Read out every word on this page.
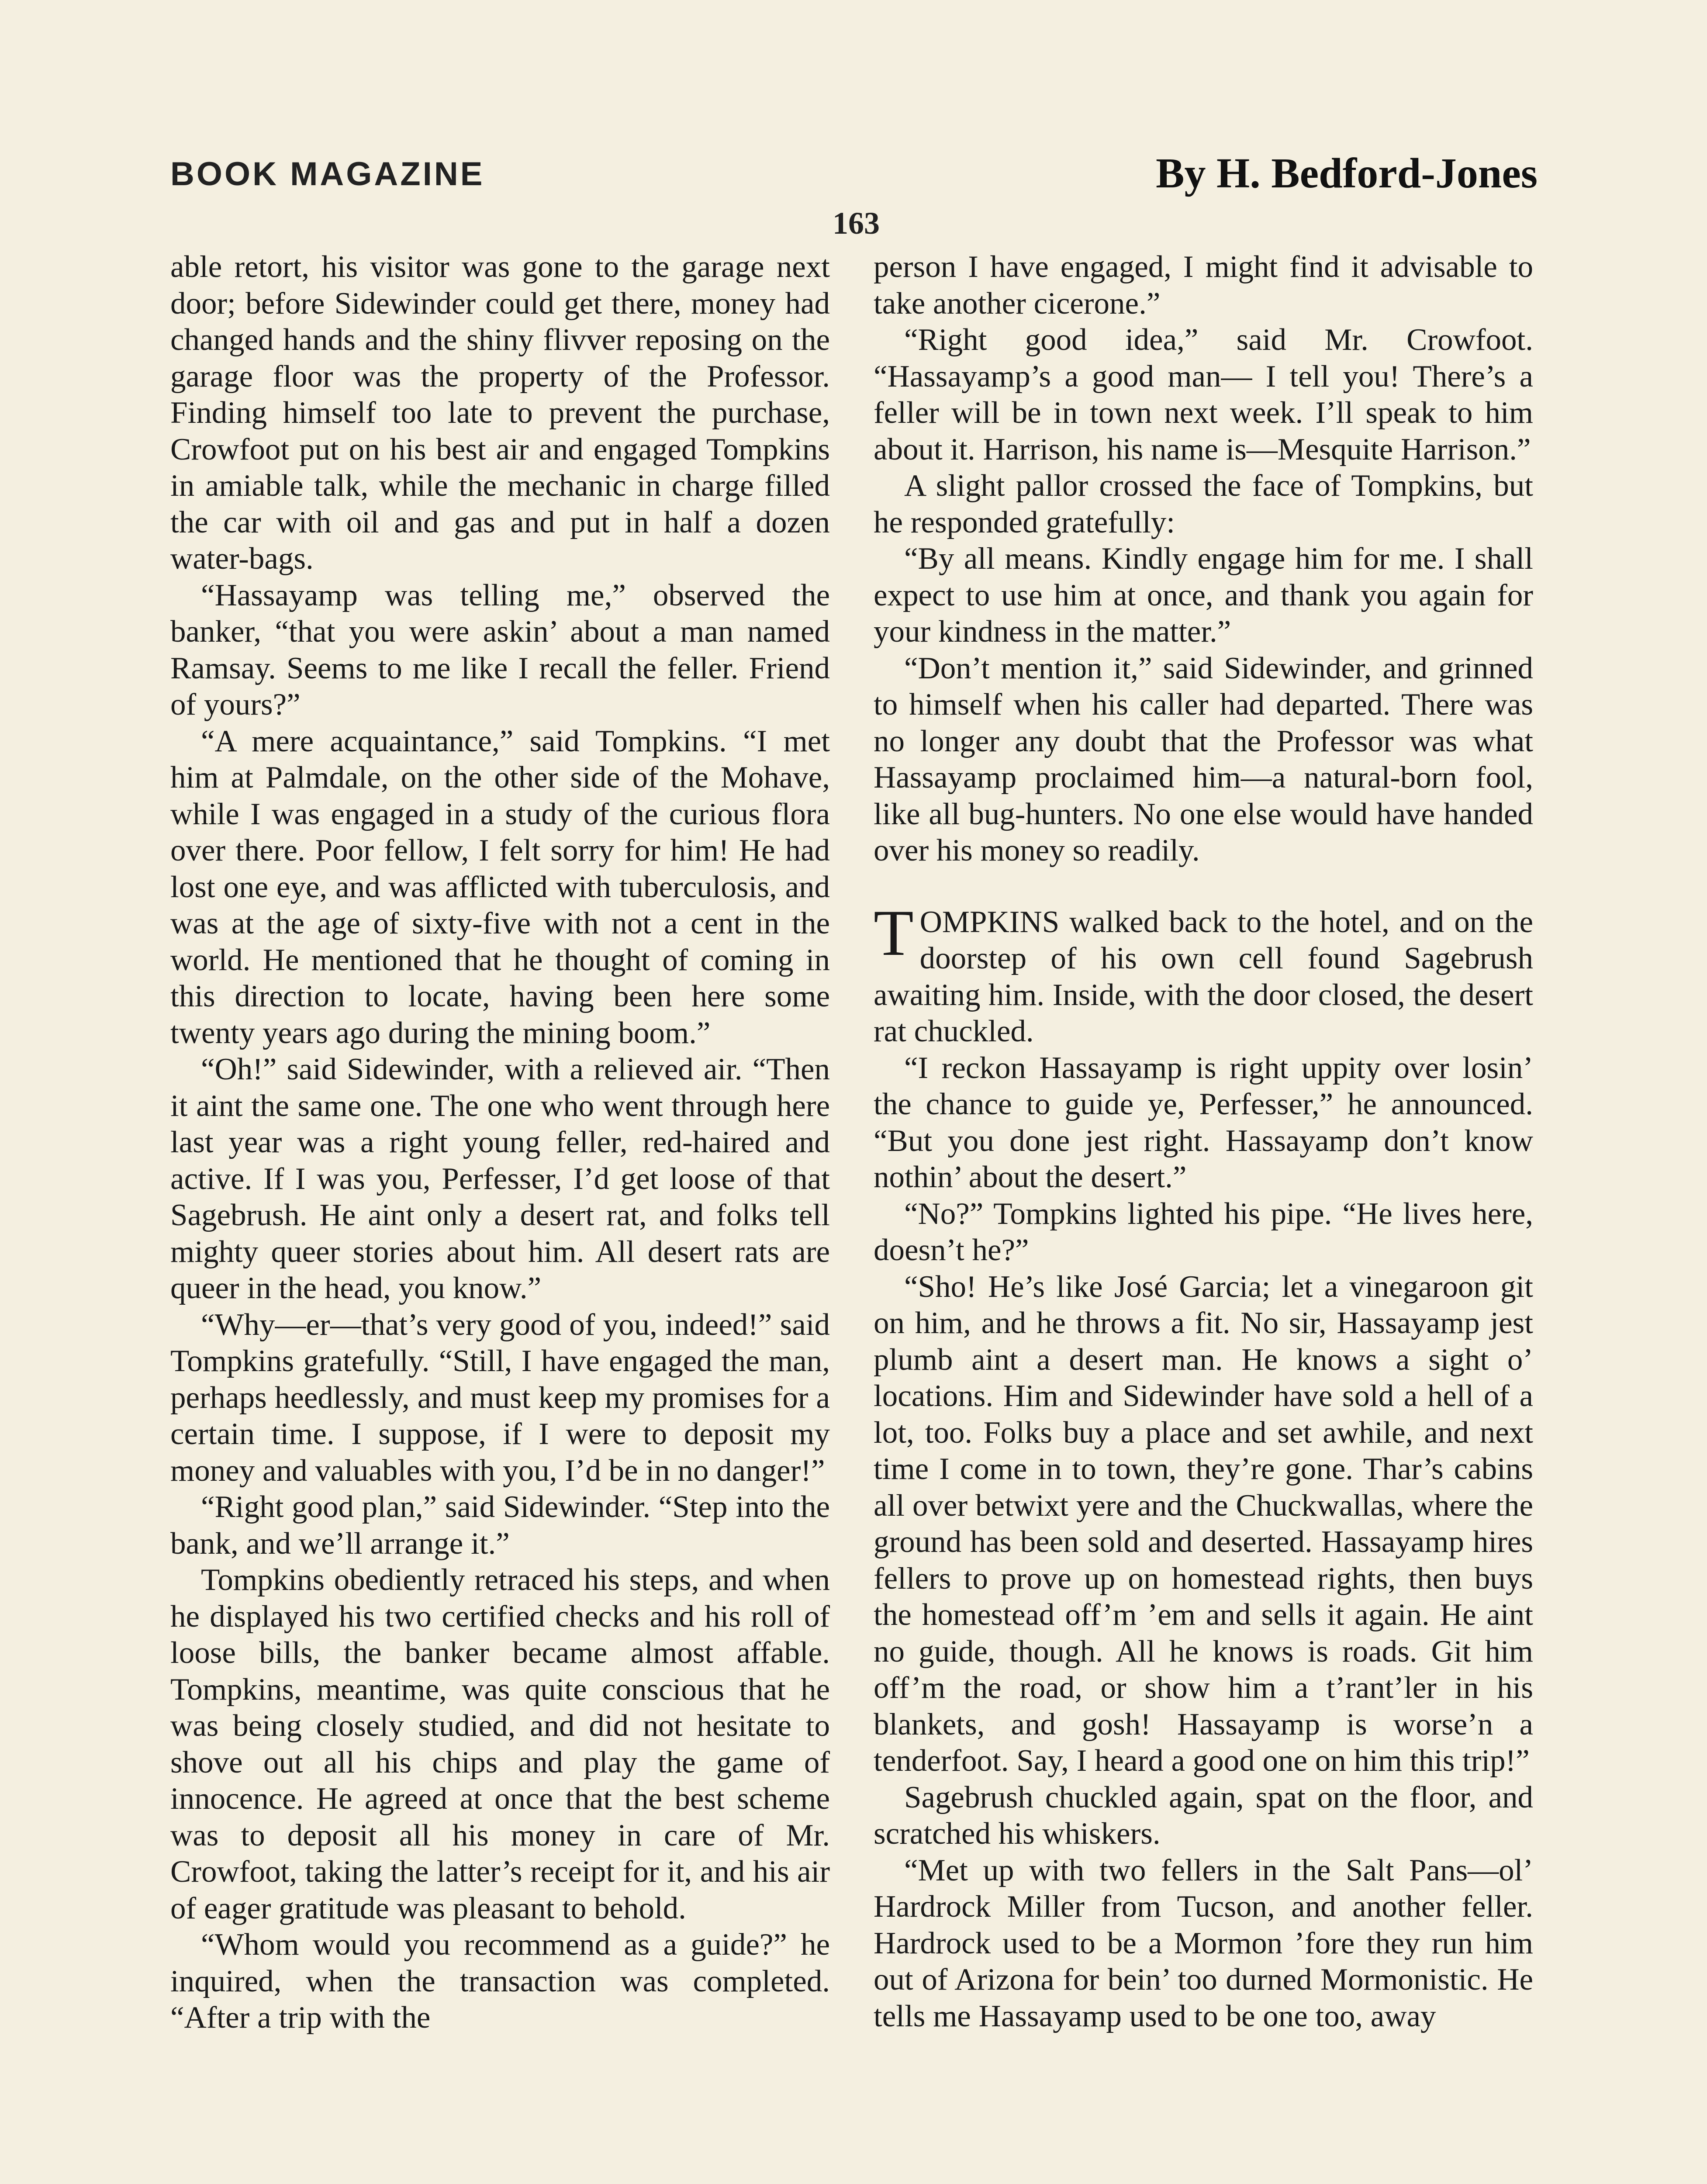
BOOK MAGAZINE	By H. Bedford-Jones
163

able retort, his visitor was gone to the garage next door; before Sidewinder could get there, money had changed hands and the shiny flivver reposing on the garage floor was the property of the Professor. Finding himself too late to prevent the purchase, Crowfoot put on his best air and engaged Tompkins in amiable talk, while the mechanic in charge filled the car with oil and gas and put in half a dozen water-bags.

“Hassayamp was telling me,” observed the banker, “that you were askin’ about a man named Ramsay. Seems to me like I recall the feller. Friend of yours?”

“A mere acquaintance,” said Tompkins. “I met him at Palmdale, on the other side of the Mohave, while I was engaged in a study of the curious flora over there. Poor fellow, I felt sorry for him! He had lost one eye, and was afflicted with tuberculosis, and was at the age of sixty-five with not a cent in the world. He mentioned that he thought of coming in this direction to locate, having been here some twenty years ago during the mining boom.”

“Oh!” said Sidewinder, with a relieved air. “Then it aint the same one. The one who went through here last year was a right young feller, red-haired and active. If I was you, Perfesser, I’d get loose of that Sagebrush. He aint only a desert rat, and folks tell mighty queer stories about him. All desert rats are queer in the head, you know.”

“Why—er—that’s very good of you, indeed!” said Tompkins gratefully. “Still, I have engaged the man, perhaps heedlessly, and must keep my promises for a certain time. I suppose, if I were to deposit my money and valuables with you, I’d be in no danger!”

“Right good plan,” said Sidewinder. “Step into the bank, and we’ll arrange it.”

Tompkins obediently retraced his steps, and when he displayed his two certified checks and his roll of loose bills, the banker became almost affable. Tompkins, meantime, was quite conscious that he was being closely studied, and did not hesitate to shove out all his chips and play the game of innocence. He agreed at once that the best scheme was to deposit all his money in care of Mr. Crowfoot, taking the latter’s receipt for it, and his air of eager gratitude was pleasant to behold.

“Whom would you recommend as a guide?” he inquired, when the transaction was completed. “After a trip with the

person I have engaged, I might find it advisable to take another cicerone.”

“Right good idea,” said Mr. Crowfoot. “Hassayamp’s a good man— I tell you! There’s a feller will be in town next week. I’ll speak to him about it. Harrison, his name is—Mesquite Harrison.”

A slight pallor crossed the face of Tompkins, but he responded gratefully:

“By all means. Kindly engage him for me. I shall expect to use him at once, and thank you again for your kindness in the matter.”

“Don’t mention it,” said Sidewinder, and grinned to himself when his caller had departed. There was no longer any doubt that the Professor was what Hassayamp proclaimed him—a natural-born fool, like all bug-hunters. No one else would have handed over his money so readily.

TOMPKINS walked back to the hotel, and on the doorstep of his own cell found Sagebrush awaiting him. Inside, with the door closed, the desert rat chuckled.

“I reckon Hassayamp is right uppity over losin’ the chance to guide ye, Perfesser,” he announced. “But you done jest right. Hassayamp don’t know nothin’ about the desert.”

“No?” Tompkins lighted his pipe. “He lives here, doesn’t he?”

“Sho! He’s like José Garcia; let a vinegaroon git on him, and he throws a fit. No sir, Hassayamp jest plumb aint a desert man. He knows a sight o’ locations. Him and Sidewinder have sold a hell of a lot, too. Folks buy a place and set awhile, and next time I come in to town, they’re gone. Thar’s cabins all over betwixt yere and the Chuckwallas, where the ground has been sold and deserted. Hassayamp hires fellers to prove up on homestead rights, then buys the homestead off’m ’em and sells it again. He aint no guide, though. All he knows is roads. Git him off’m the road, or show him a t’rant’ler in his blankets, and gosh! Hassayamp is worse’n a tenderfoot. Say, I heard a good one on him this trip!”

Sagebrush chuckled again, spat on the floor, and scratched his whiskers.

“Met up with two fellers in the Salt Pans—ol’ Hardrock Miller from Tucson, and another feller. Hardrock used to be a Mormon ’fore they run him out of Arizona for bein’ too durned Mormonistic. He tells me Hassayamp used to be one too, away
